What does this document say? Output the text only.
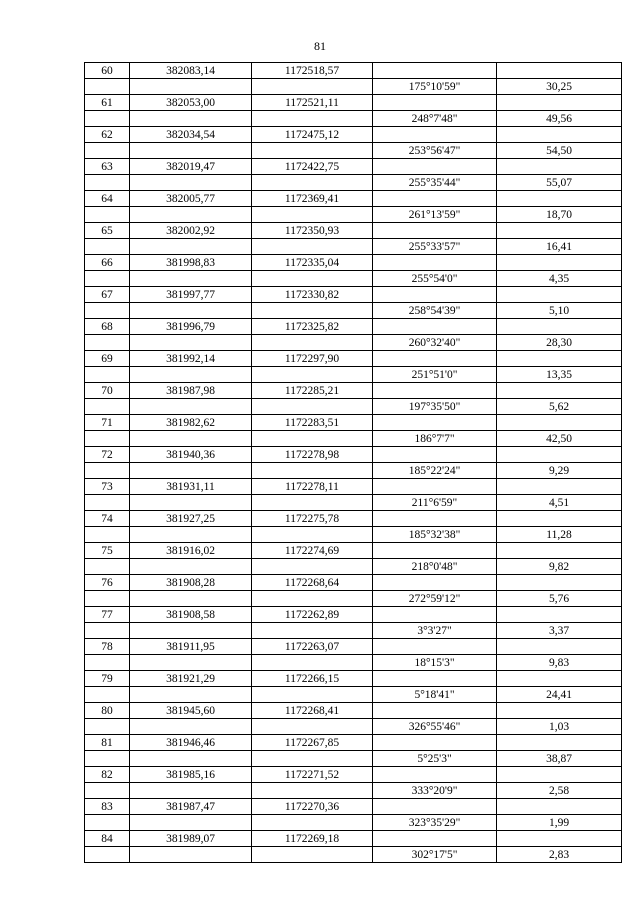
81
60	382083,14	1172518,57		
			175°10'59"	30,25
61	382053,00	1172521,11		
			248°7'48"	49,56
62	382034,54	1172475,12		
			253°56'47"	54,50
63	382019,47	1172422,75		
			255°35'44"	55,07
64	382005,77	1172369,41		
			261°13'59"	18,70
65	382002,92	1172350,93		
			255°33'57"	16,41
66	381998,83	1172335,04		
			255°54'0"	4,35
67	381997,77	1172330,82		
			258°54'39"	5,10
68	381996,79	1172325,82		
			260°32'40"	28,30
69	381992,14	1172297,90		
			251°51'0"	13,35
70	381987,98	1172285,21		
			197°35'50"	5,62
71	381982,62	1172283,51		
			186°7'7"	42,50
72	381940,36	1172278,98		
			185°22'24"	9,29
73	381931,11	1172278,11		
			211°6'59"	4,51
74	381927,25	1172275,78		
			185°32'38"	11,28
75	381916,02	1172274,69		
			218°0'48"	9,82
76	381908,28	1172268,64		
			272°59'12"	5,76
77	381908,58	1172262,89		
			3°3'27"	3,37
78	381911,95	1172263,07		
			18°15'3"	9,83
79	381921,29	1172266,15		
			5°18'41"	24,41
80	381945,60	1172268,41		
			326°55'46"	1,03
81	381946,46	1172267,85		
			5°25'3"	38,87
82	381985,16	1172271,52		
			333°20'9"	2,58
83	381987,47	1172270,36		
			323°35'29"	1,99
84	381989,07	1172269,18		
			302°17'5"	2,83
